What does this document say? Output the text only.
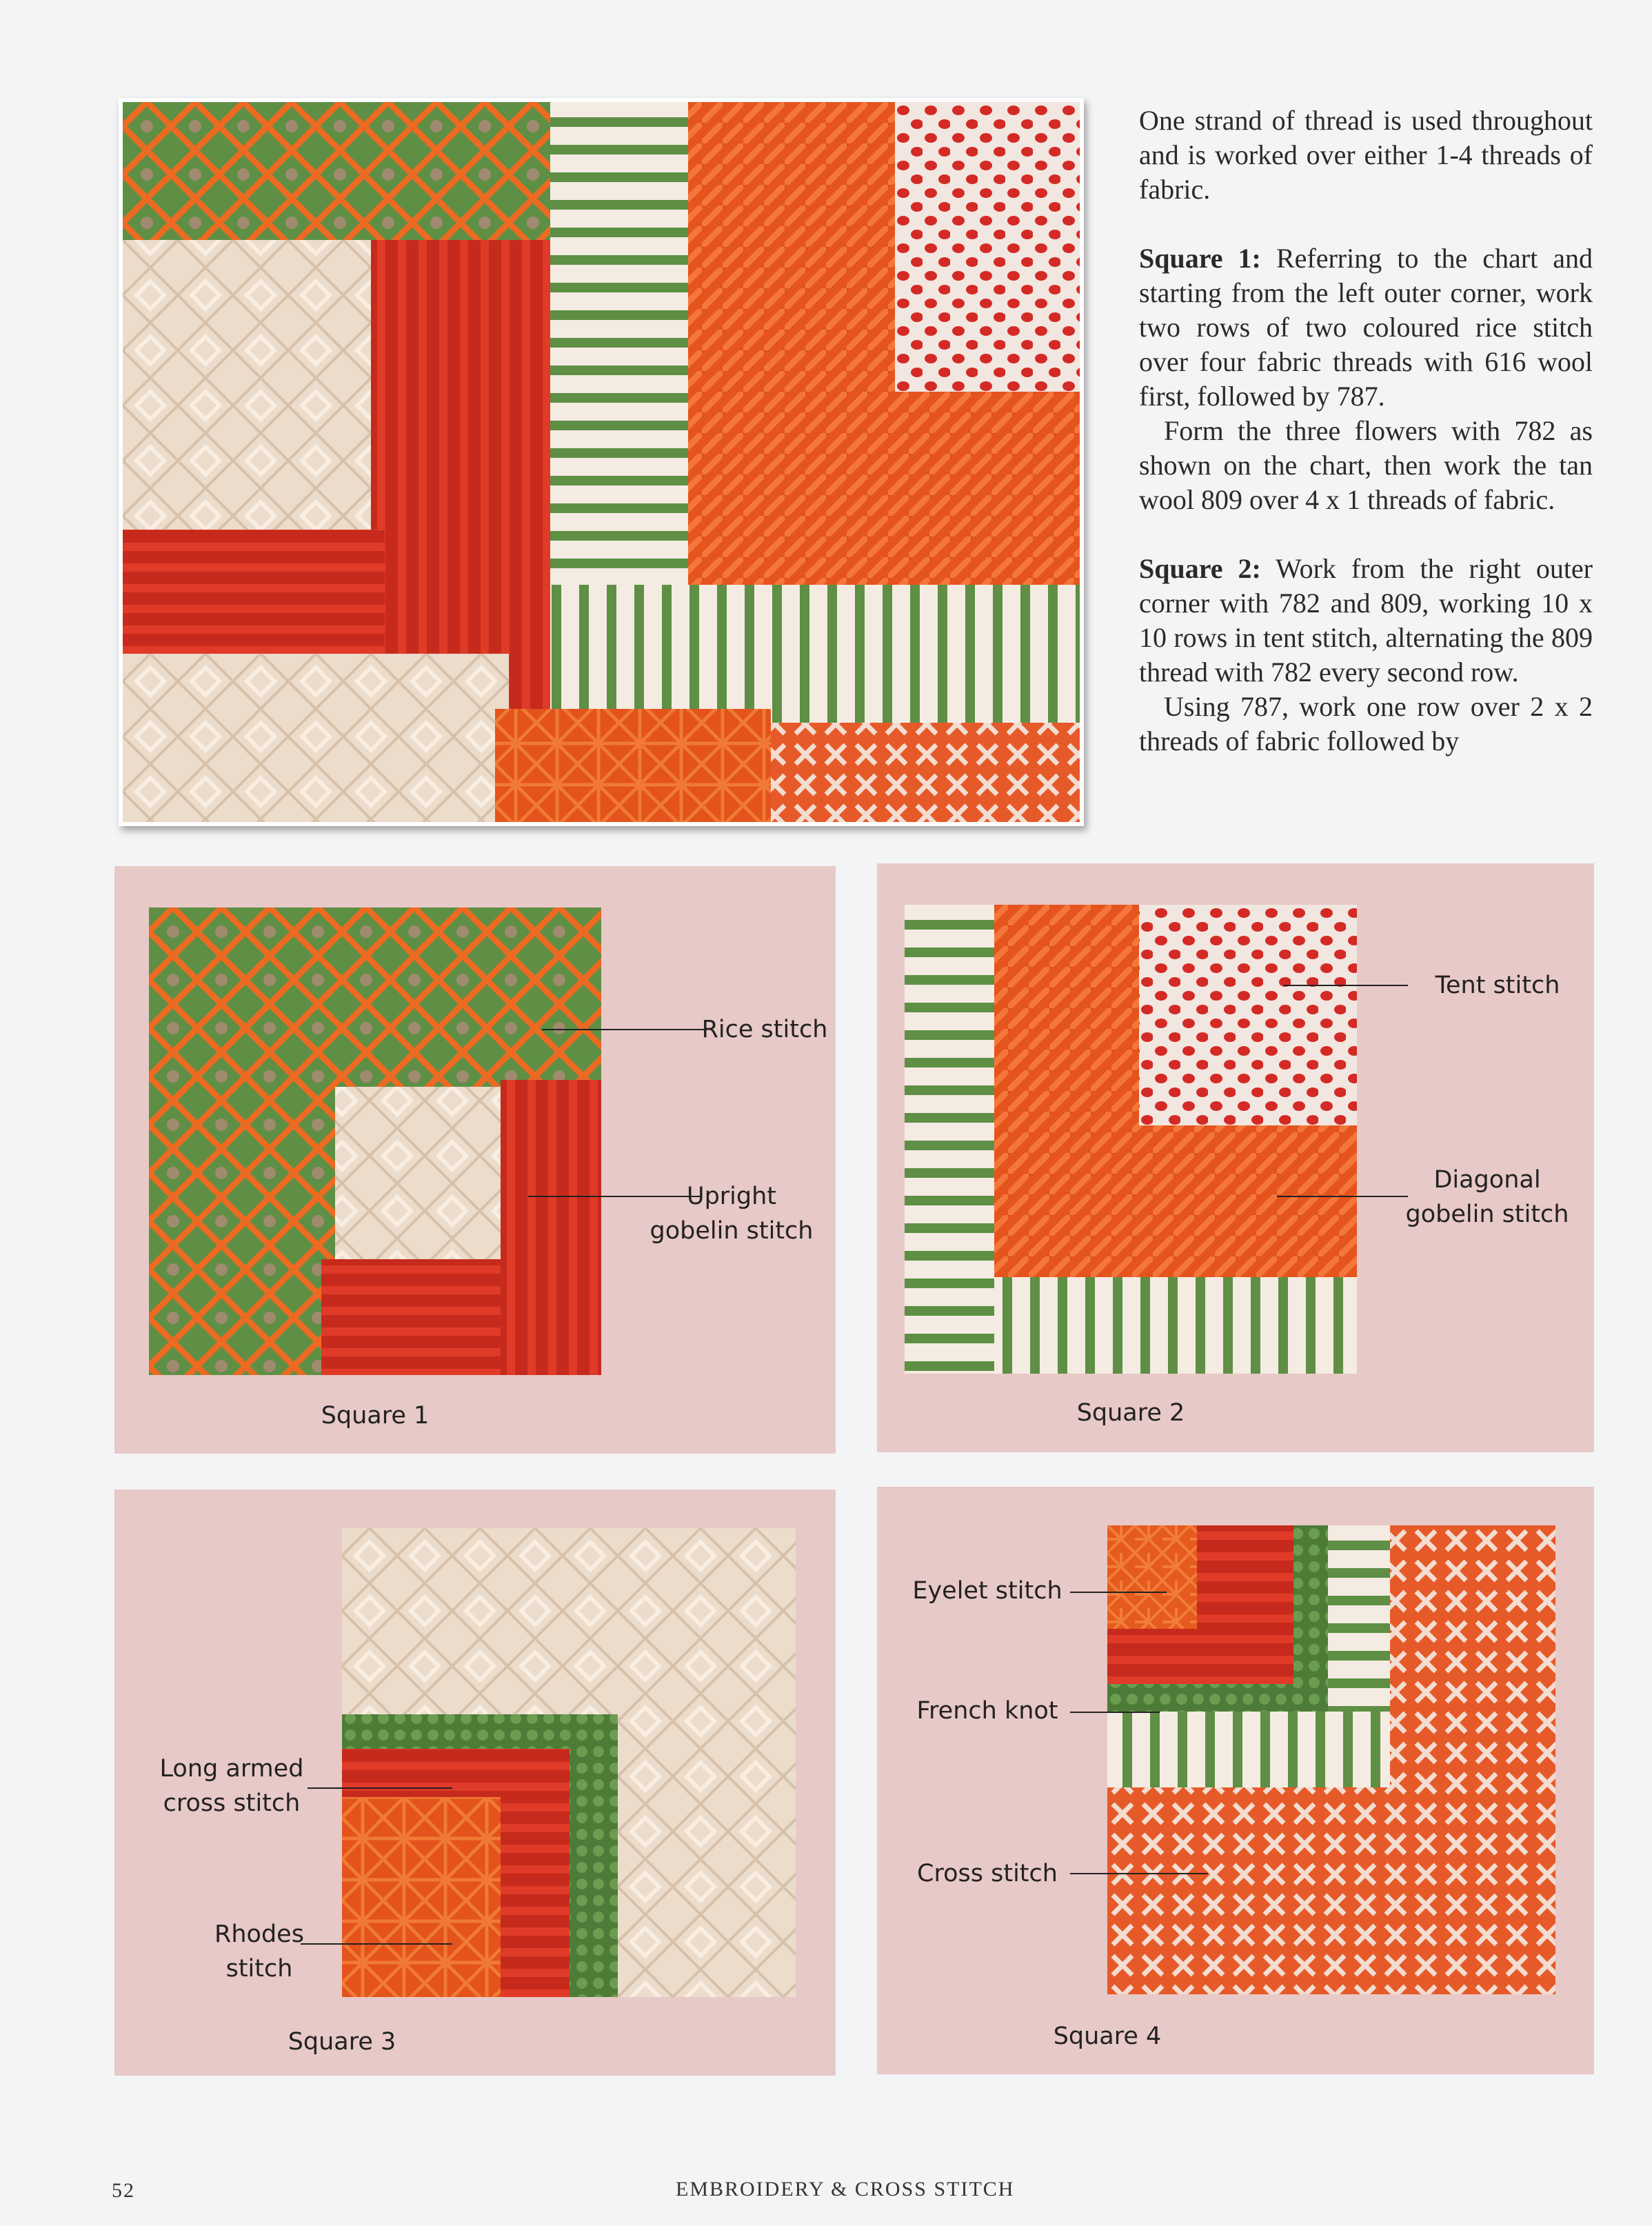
One strand of thread is used throughout and is worked over either 1-4 threads of fabric.

Square 1: Referring to the chart and starting from the left outer corner, work two rows of two coloured rice stitch over four fabric threads with 616 wool first, followed by 787.

Form the three flowers with 782 as shown on the chart, then work the tan wool 809 over 4 x 1 threads of fabric.

Square 2: Work from the right outer corner with 782 and 809, working 10 x 10 rows in tent stitch, alternating the 809 thread with 782 every second row.

Using 787, work one row over 2 x 2 threads of fabric followed by

Rice stitch
Upright
gobelin stitch
Square 1
Tent stitch
Diagonal
gobelin stitch
Square 2
Long armed
cross stitch
Rhodes
stitch
Square 3
Eyelet stitch
French knot
Cross stitch
Square 4
52	EMBROIDERY & CROSS STITCH
